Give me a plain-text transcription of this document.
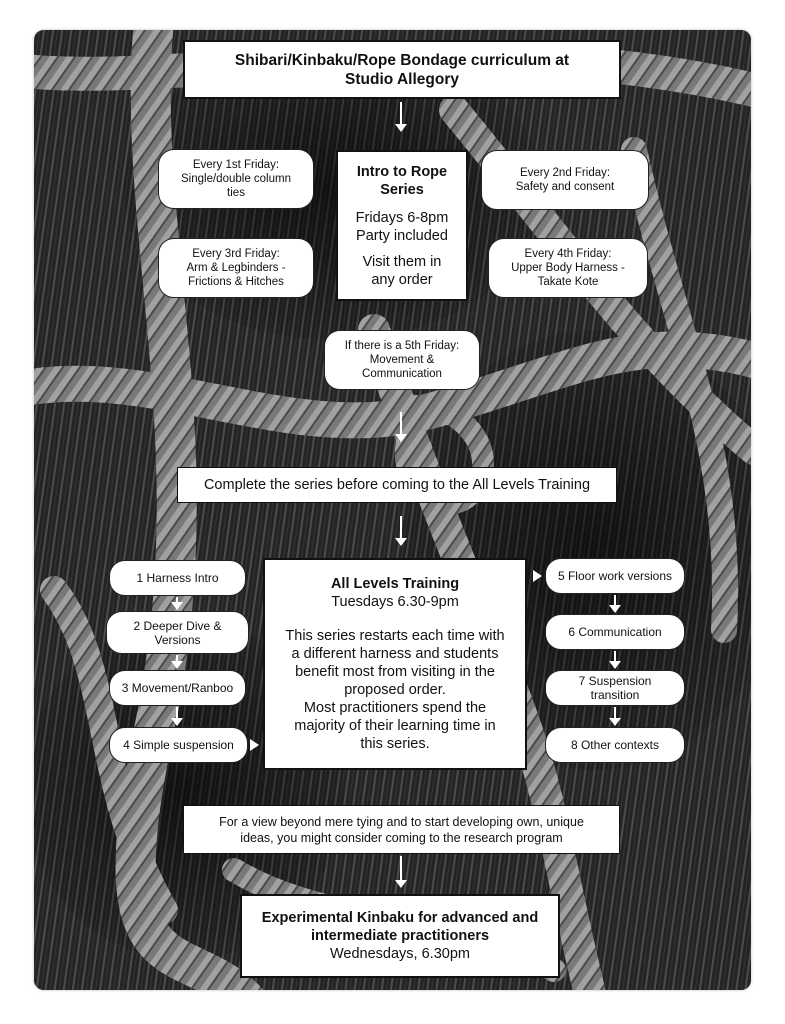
Shibari/Kinbaku/Rope Bondage curriculum at
Studio Allegory
Intro to Rope
Series
Fridays 6-8pm
Party included
Visit them in
any order
Every 1st Friday:
Single/double column
ties
Every 2nd Friday:
Safety and consent
Every 3rd Friday:
Arm & Legbinders -
Frictions & Hitches
Every 4th Friday:
Upper Body Harness -
Takate Kote
If there is a 5th Friday:
Movement &
Communication
Complete the series before coming to the All Levels Training
All Levels Training
Tuesdays 6.30-9pm
This series restarts each time with
a different harness and students
benefit most from visiting in the
proposed order.
Most practitioners spend the
majority of their learning time in
this series.
1 Harness Intro
2 Deeper Dive &
Versions
3 Movement/Ranboo
4 Simple suspension
5 Floor work versions
6 Communication
7 Suspension transition
8 Other contexts
For a view beyond mere tying and to start developing own, unique
ideas, you might consider coming to the research program
Experimental Kinbaku for advanced and
intermediate practitioners
Wednesdays, 6.30pm
